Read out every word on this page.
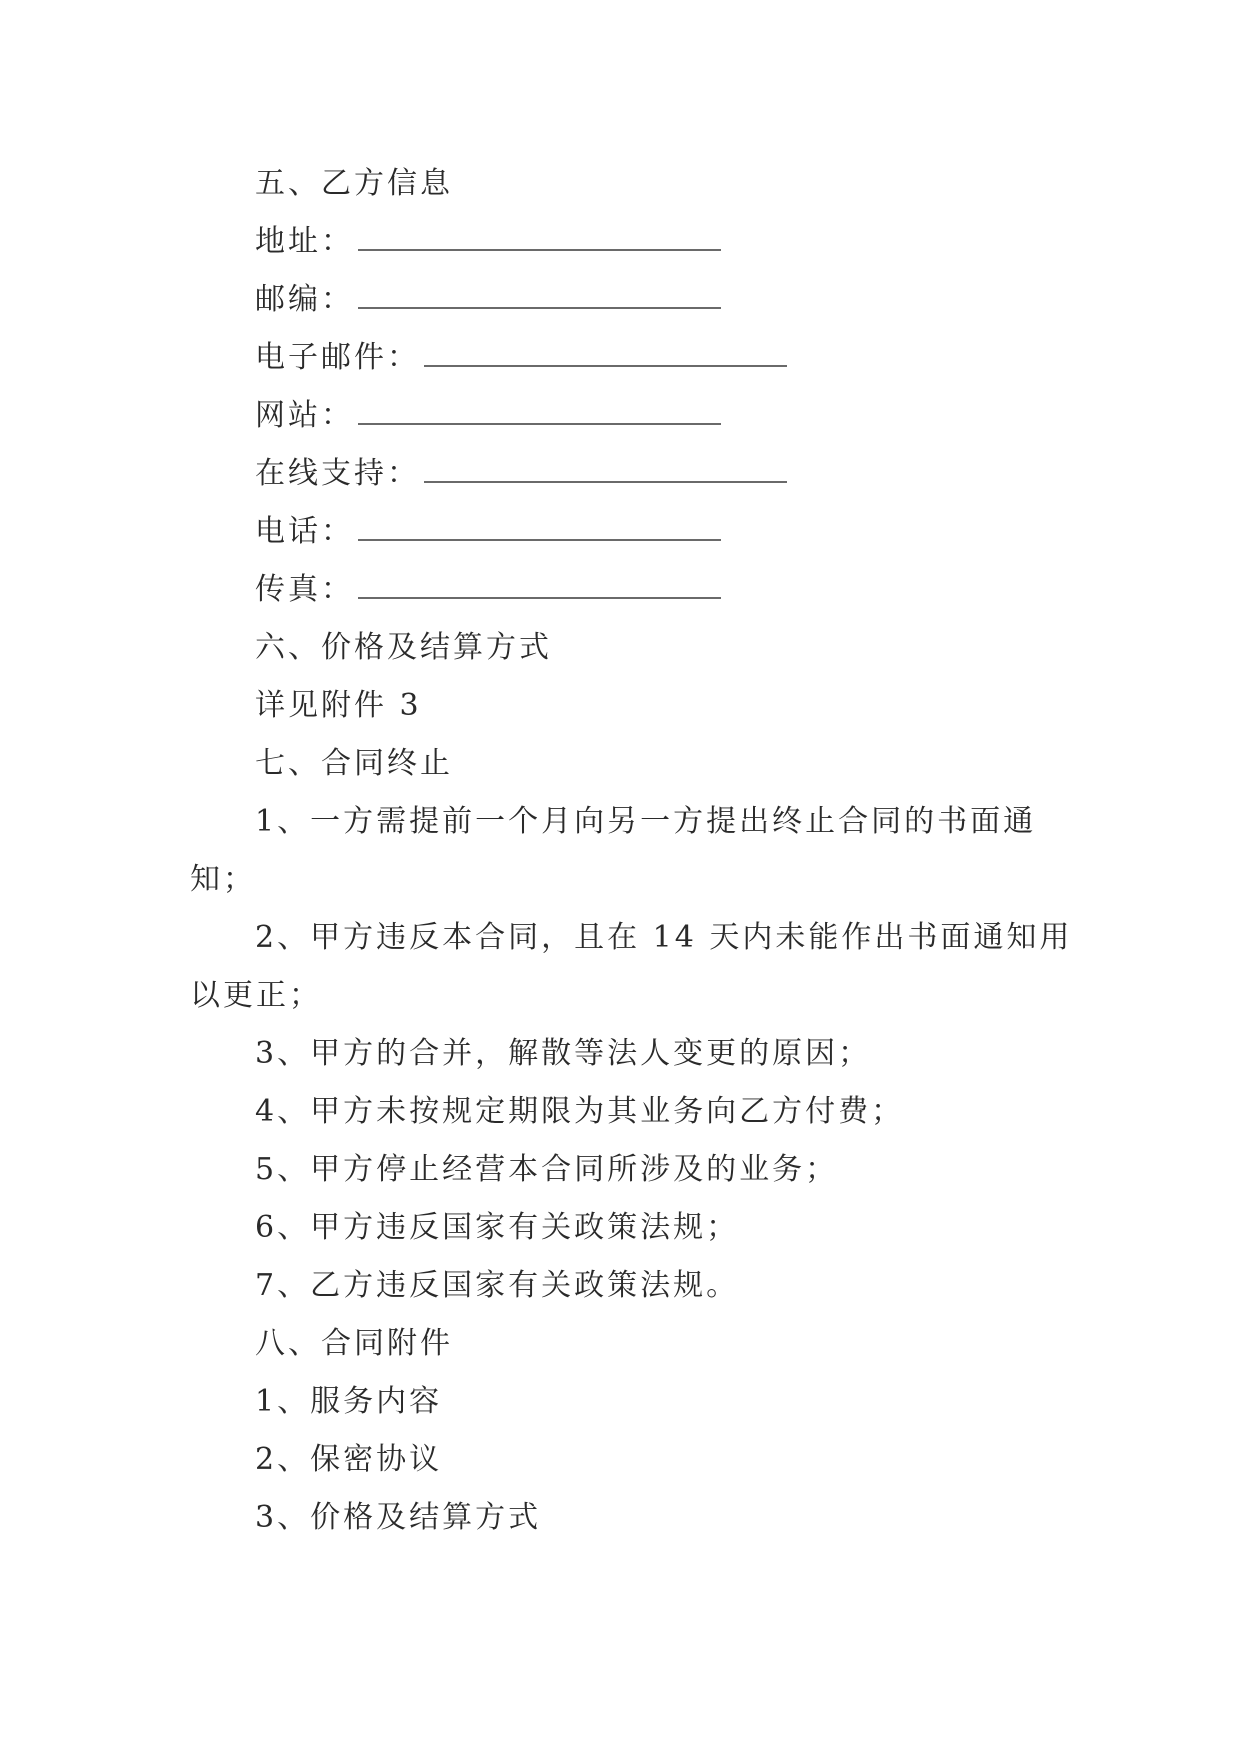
五、乙方信息
地址：
邮编：
电子邮件：
网站：
在线支持：
电话：
传真：
六、价格及结算方式
详见附件 3
七、合同终止
1、一方需提前一个月向另一方提出终止合同的书面通
知；
2、甲方违反本合同，且在 14 天内未能作出书面通知用
以更正；
3、甲方的合并，解散等法人变更的原因；
4、甲方未按规定期限为其业务向乙方付费；
5、甲方停止经营本合同所涉及的业务；
6、甲方违反国家有关政策法规；
7、乙方违反国家有关政策法规。
八、合同附件
1、服务内容
2、保密协议
3、价格及结算方式
